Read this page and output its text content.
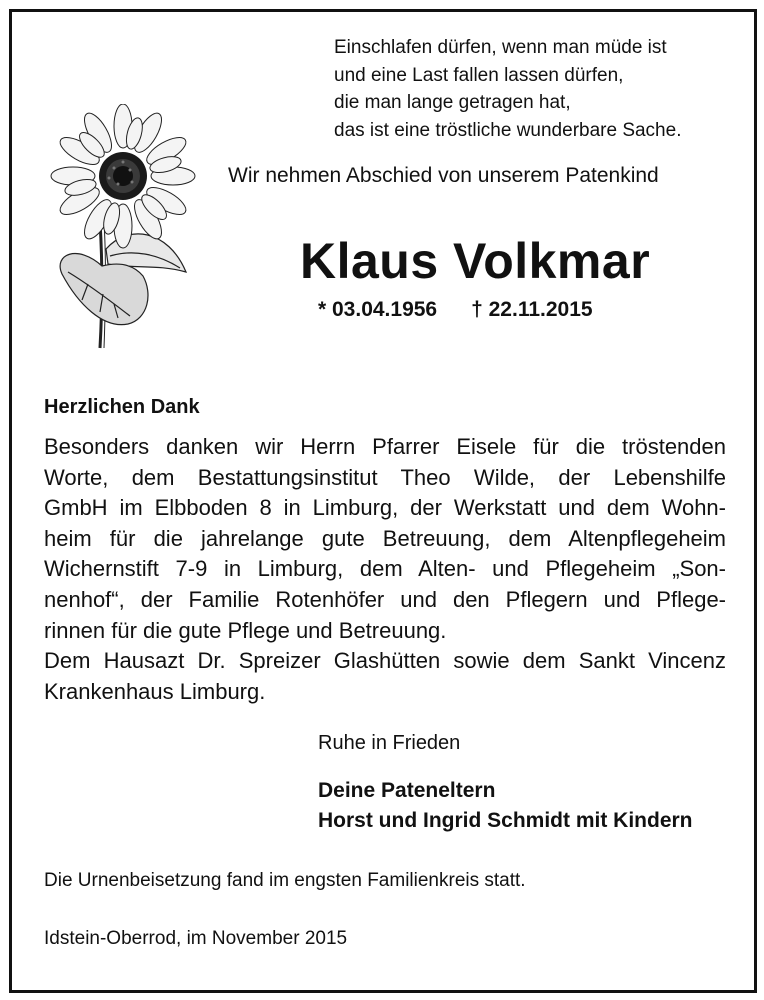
Einschlafen dürfen, wenn man müde ist
und eine Last fallen lassen dürfen,
die man lange getragen hat,
das ist eine tröstliche wunderbare Sache.
Wir nehmen Abschied von unserem Patenkind
Klaus Volkmar
* 03.04.1956 † 22.11.2015
Herzlichen Dank
Besonders danken wir Herrn Pfarrer Eisele für die tröstenden
Worte, dem Bestattungsinstitut Theo Wilde, der Lebenshilfe
GmbH im Elbboden 8 in Limburg, der Werkstatt und dem Wohn-
heim für die jahrelange gute Betreuung, dem Altenpflegeheim
Wichernstift 7-9 in Limburg, dem Alten- und Pflegeheim „Son-
nenhof“, der Familie Rotenhöfer und den Pflegern und Pflege-
rinnen für die gute Pflege und Betreuung.
Dem Hausazt Dr. Spreizer Glashütten sowie dem Sankt Vincenz
Krankenhaus Limburg.
Ruhe in Frieden
Deine Pateneltern
Horst und Ingrid Schmidt mit Kindern
Die Urnenbeisetzung fand im engsten Familienkreis statt.
Idstein-Oberrod, im November 2015
